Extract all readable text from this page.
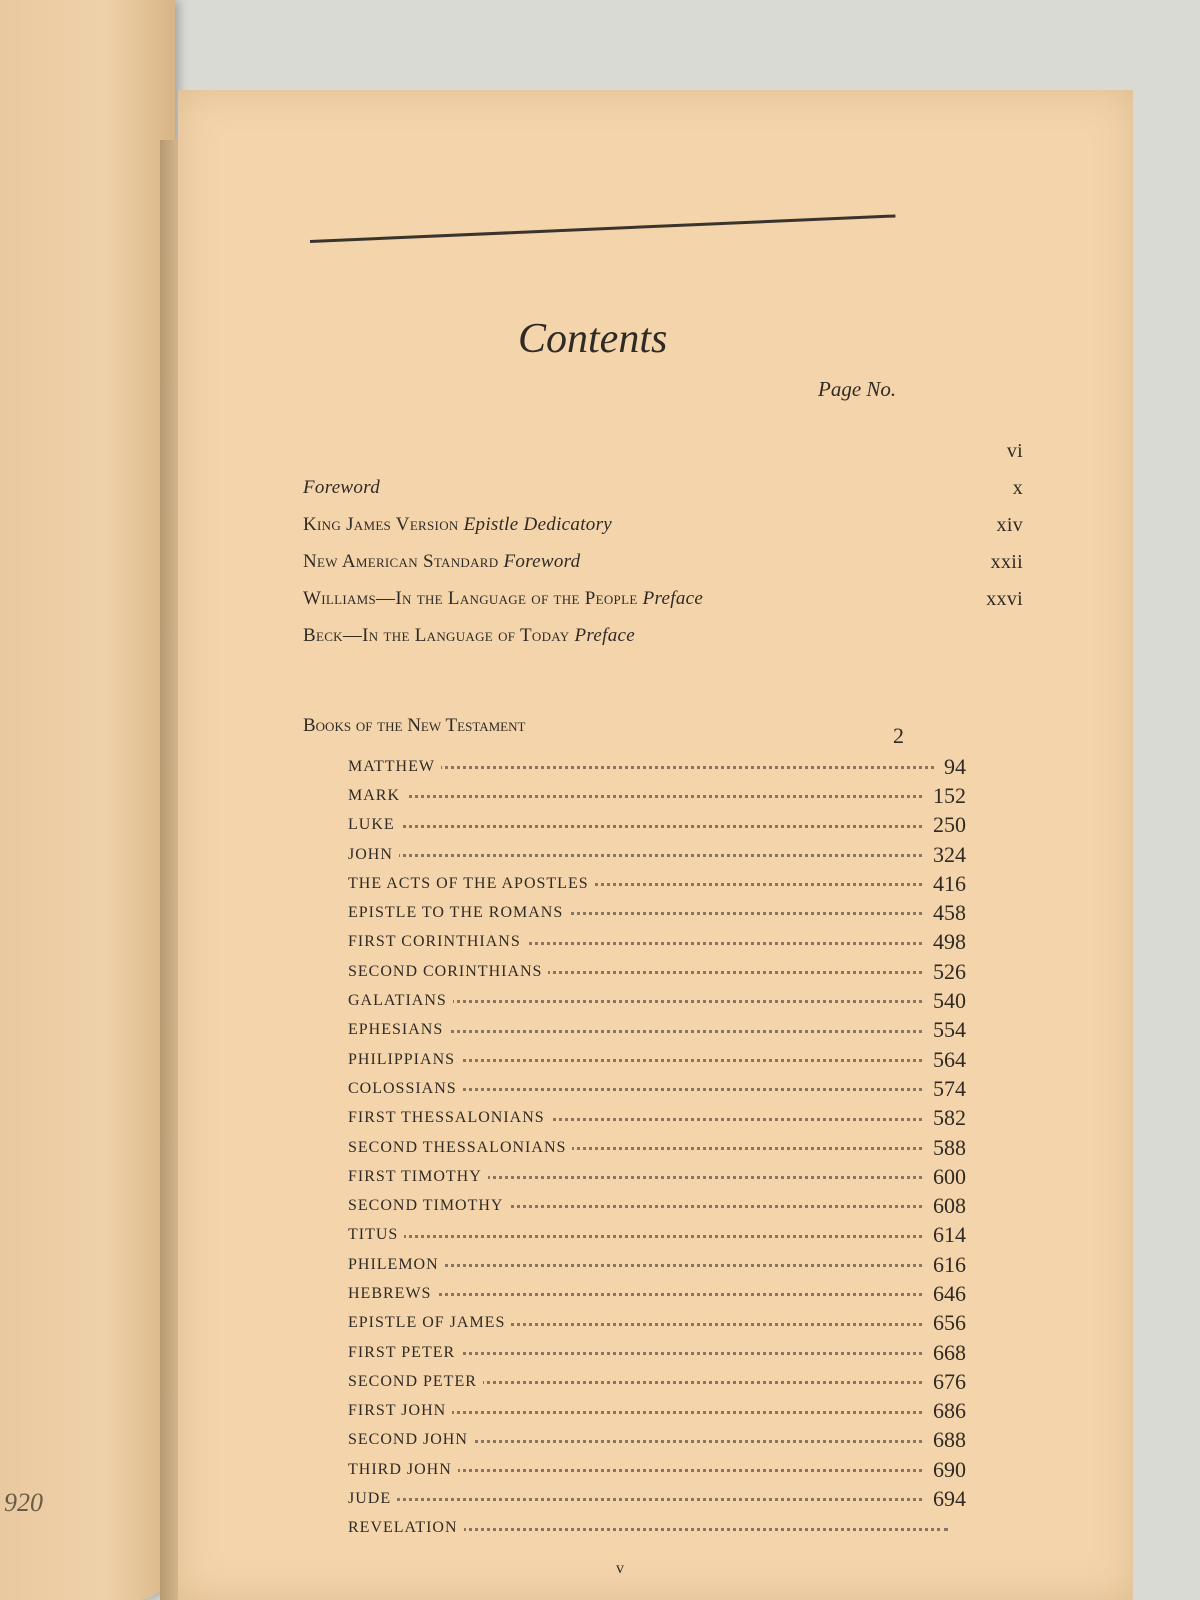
920
Contents
Page No.
vi
Foreword	x
King James Version Epistle Dedicatory	xiv
New American Standard Foreword	xxii
Williams—In the Language of the People Preface	xxvi
Beck—In the Language of Today Preface
Books of the New Testament	2
MATTHEW	94
MARK	152
LUKE	250
JOHN	324
THE ACTS OF THE APOSTLES	416
EPISTLE TO THE ROMANS	458
FIRST CORINTHIANS	498
SECOND CORINTHIANS	526
GALATIANS	540
EPHESIANS	554
PHILIPPIANS	564
COLOSSIANS	574
FIRST THESSALONIANS	582
SECOND THESSALONIANS	588
FIRST TIMOTHY	600
SECOND TIMOTHY	608
TITUS	614
PHILEMON	616
HEBREWS	646
EPISTLE OF JAMES	656
FIRST PETER	668
SECOND PETER	676
FIRST JOHN	686
SECOND JOHN	688
THIRD JOHN	690
JUDE	694
REVELATION
v
